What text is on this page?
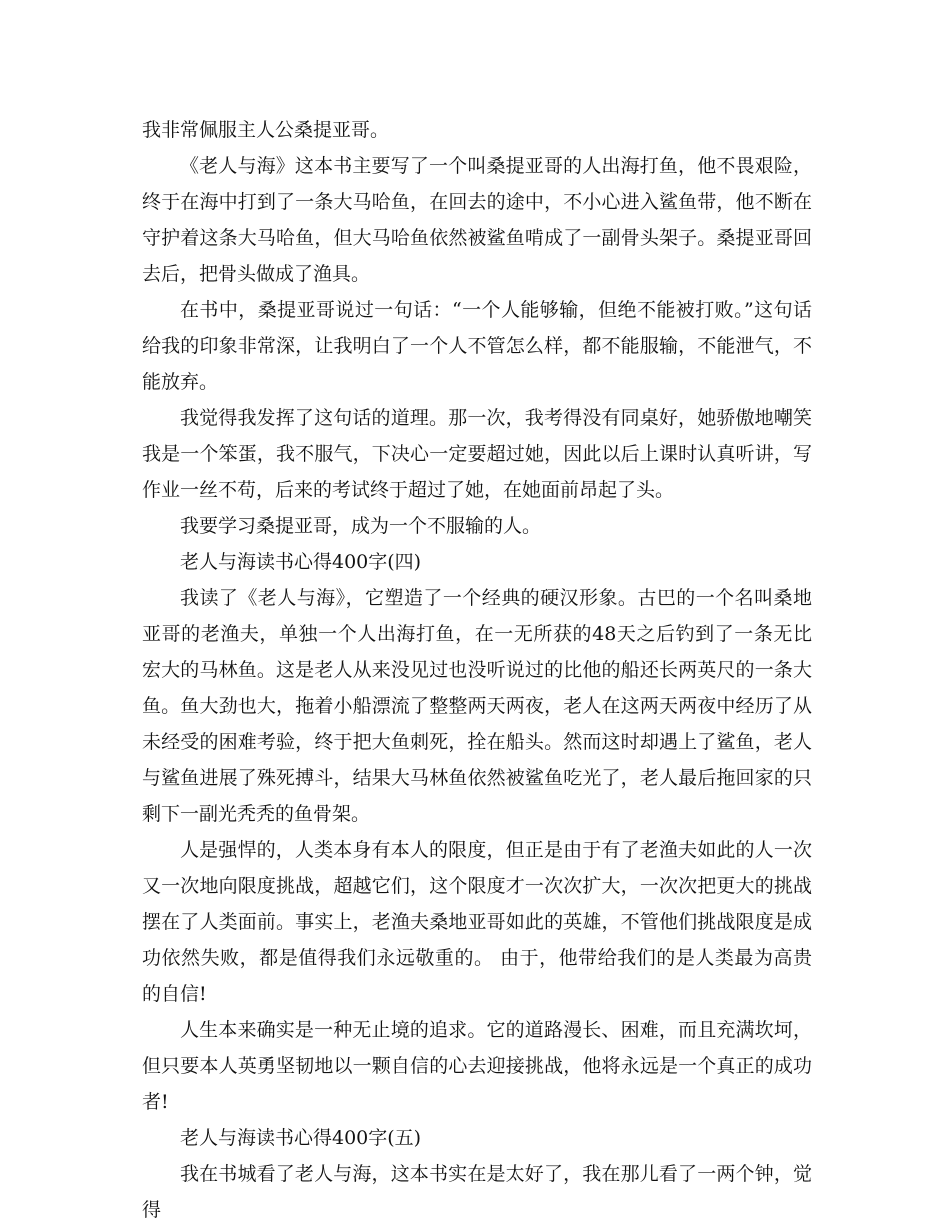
我非常佩服主人公桑提亚哥。

《老人与海》这本书主要写了一个叫桑提亚哥的人出海打鱼，他不畏艰险，终于在海中打到了一条大马哈鱼，在回去的途中，不小心进入鲨鱼带，他不断在守护着这条大马哈鱼，但大马哈鱼依然被鲨鱼啃成了一副骨头架子。桑提亚哥回去后，把骨头做成了渔具。

在书中，桑提亚哥说过一句话：“一个人能够输，但绝不能被打败。”这句话给我的印象非常深，让我明白了一个人不管怎么样，都不能服输，不能泄气，不能放弃。

我觉得我发挥了这句话的道理。那一次，我考得没有同桌好，她骄傲地嘲笑我是一个笨蛋，我不服气，下决心一定要超过她，因此以后上课时认真听讲，写作业一丝不苟，后来的考试终于超过了她，在她面前昂起了头。

我要学习桑提亚哥，成为一个不服输的人。

老人与海读书心得400字(四)

我读了《老人与海》，它塑造了一个经典的硬汉形象。古巴的一个名叫桑地亚哥的老渔夫，单独一个人出海打鱼，在一无所获的48天之后钓到了一条无比宏大的马林鱼。这是老人从来没见过也没听说过的比他的船还长两英尺的一条大鱼。鱼大劲也大，拖着小船漂流了整整两天两夜，老人在这两天两夜中经历了从未经受的困难考验，终于把大鱼刺死，拴在船头。然而这时却遇上了鲨鱼，老人与鲨鱼进展了殊死搏斗，结果大马林鱼依然被鲨鱼吃光了，老人最后拖回家的只剩下一副光秃秃的鱼骨架。

人是强悍的，人类本身有本人的限度，但正是由于有了老渔夫如此的人一次又一次地向限度挑战，超越它们，这个限度才一次次扩大，一次次把更大的挑战摆在了人类面前。事实上，老渔夫桑地亚哥如此的英雄，不管他们挑战限度是成功依然失败，都是值得我们永远敬重的。 由于，他带给我们的是人类最为高贵的自信!

人生本来确实是一种无止境的追求。它的道路漫长、困难，而且充满坎坷，但只要本人英勇坚韧地以一颗自信的心去迎接挑战，他将永远是一个真正的成功者!

老人与海读书心得400字(五)

我在书城看了老人与海，这本书实在是太好了，我在那儿看了一两个钟，觉得
